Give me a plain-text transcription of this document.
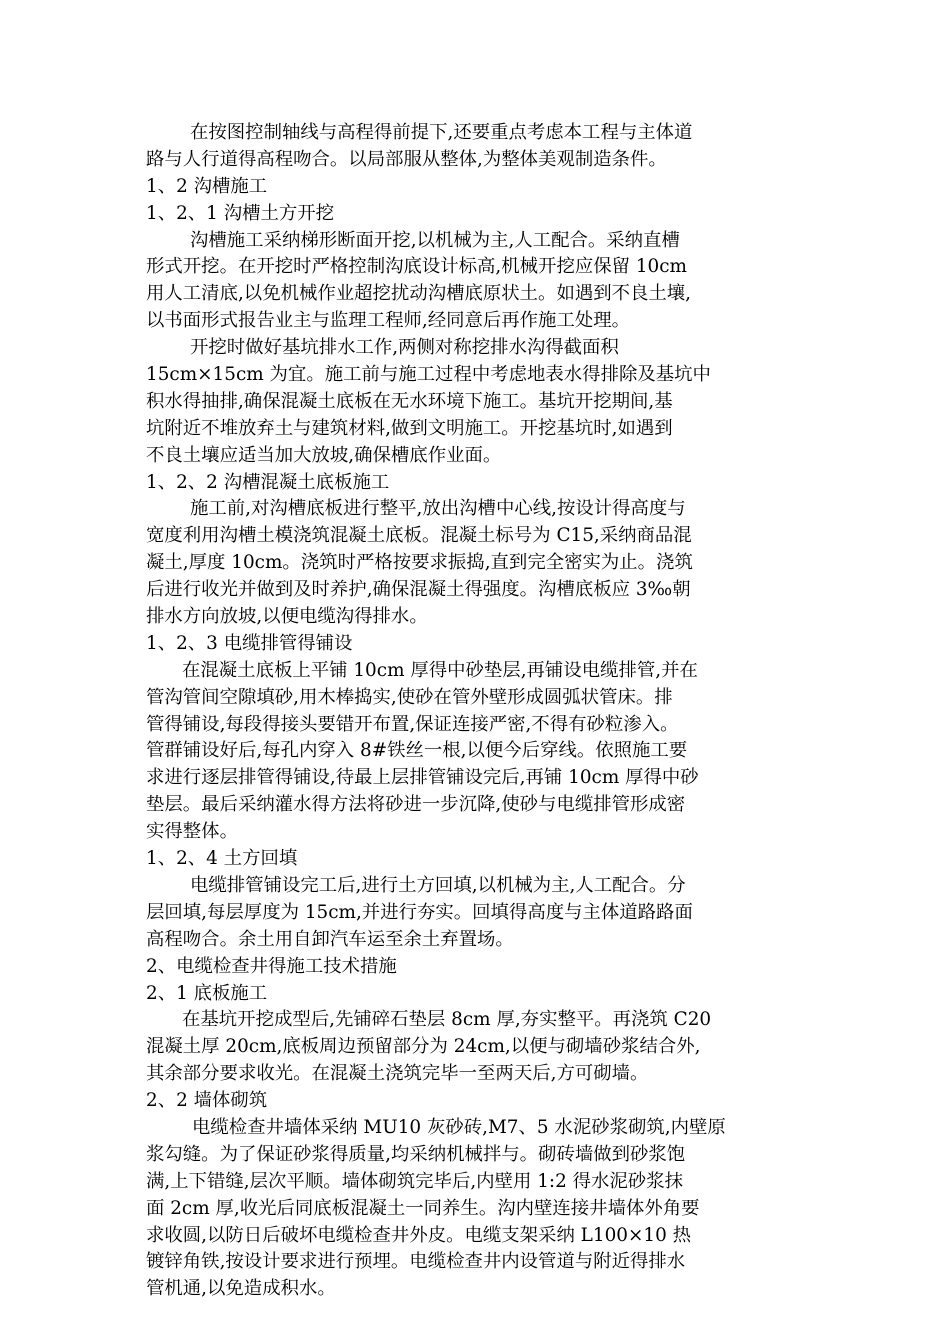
在按图控制轴线与高程得前提下,还要重点考虑本工程与主体道
路与人行道得高程吻合。以局部服从整体,为整体美观制造条件。
1、2 沟槽施工
1、2、1 沟槽土方开挖
沟槽施工采纳梯形断面开挖,以机械为主,人工配合。采纳直槽
形式开挖。在开挖时严格控制沟底设计标高,机械开挖应保留 10cm
用人工清底,以免机械作业超挖扰动沟槽底原状土。如遇到不良土壤,
以书面形式报告业主与监理工程师,经同意后再作施工处理。
开挖时做好基坑排水工作,两侧对称挖排水沟得截面积
15cm×15cm 为宜。施工前与施工过程中考虑地表水得排除及基坑中
积水得抽排,确保混凝土底板在无水环境下施工。基坑开挖期间,基
坑附近不堆放弃土与建筑材料,做到文明施工。开挖基坑时,如遇到
不良土壤应适当加大放坡,确保槽底作业面。
1、2、2 沟槽混凝土底板施工
施工前,对沟槽底板进行整平,放出沟槽中心线,按设计得高度与
宽度利用沟槽土模浇筑混凝土底板。混凝土标号为 C15,采纳商品混
凝土,厚度 10cm。浇筑时严格按要求振捣,直到完全密实为止。浇筑
后进行收光并做到及时养护,确保混凝土得强度。沟槽底板应 3‰朝
排水方向放坡,以便电缆沟得排水。
1、2、3 电缆排管得铺设
在混凝土底板上平铺 10cm 厚得中砂垫层,再铺设电缆排管,并在
管沟管间空隙填砂,用木棒捣实,使砂在管外壁形成圆弧状管床。排
管得铺设,每段得接头要错开布置,保证连接严密,不得有砂粒渗入。
管群铺设好后,每孔内穿入 8#铁丝一根,以便今后穿线。依照施工要
求进行逐层排管得铺设,待最上层排管铺设完后,再铺 10cm 厚得中砂
垫层。最后采纳灌水得方法将砂进一步沉降,使砂与电缆排管形成密
实得整体。
1、2、4 土方回填
电缆排管铺设完工后,进行土方回填,以机械为主,人工配合。分
层回填,每层厚度为 15cm,并进行夯实。回填得高度与主体道路路面
高程吻合。余土用自卸汽车运至余土弃置场。
2、电缆检查井得施工技术措施
2、1 底板施工
在基坑开挖成型后,先铺碎石垫层 8cm 厚,夯实整平。再浇筑 C20
混凝土厚 20cm,底板周边预留部分为 24cm,以便与砌墙砂浆结合外,
其余部分要求收光。在混凝土浇筑完毕一至两天后,方可砌墙。
2、2 墙体砌筑
电缆检查井墙体采纳 MU10 灰砂砖,M7、5 水泥砂浆砌筑,内壁原
浆勾缝。为了保证砂浆得质量,均采纳机械拌与。砌砖墙做到砂浆饱
满,上下错缝,层次平顺。墙体砌筑完毕后,内壁用 1:2 得水泥砂浆抹
面 2cm 厚,收光后同底板混凝土一同养生。沟内壁连接井墙体外角要
求收圆,以防日后破坏电缆检查井外皮。电缆支架采纳 L100×10 热
镀锌角铁,按设计要求进行预埋。电缆检查井内设管道与附近得排水
管机通,以免造成积水。
